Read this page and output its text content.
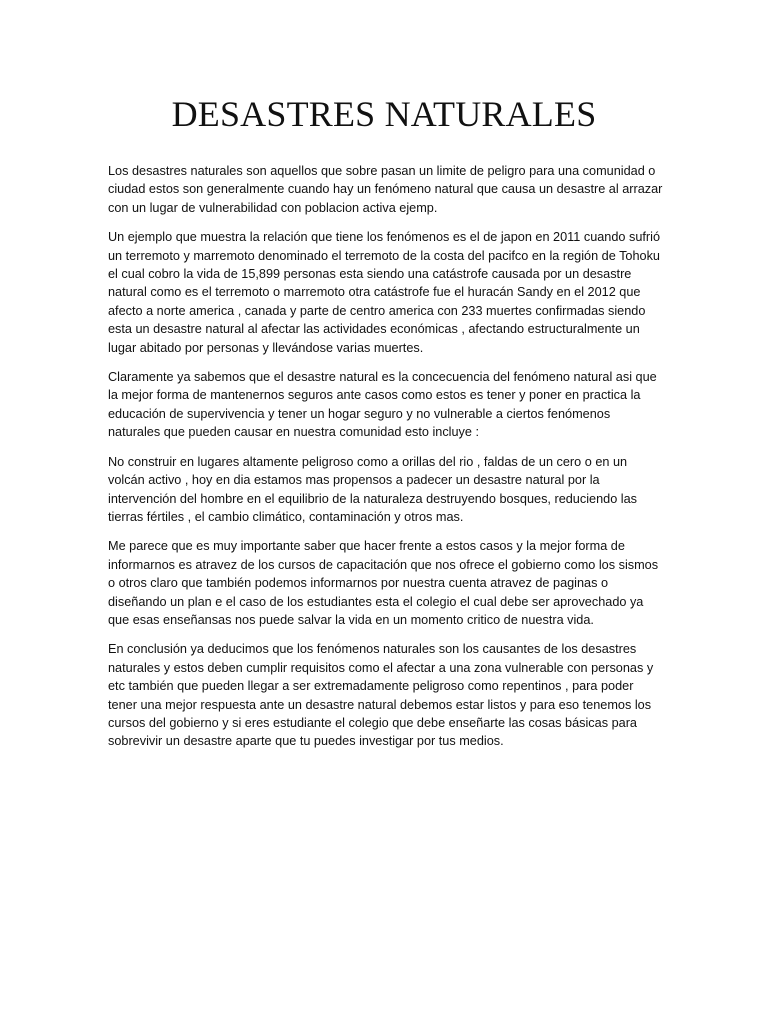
DESASTRES NATURALES

Los desastres naturales son aquellos que sobre pasan un limite de peligro para una comunidad o ciudad estos son generalmente cuando hay un fenómeno natural que causa un desastre al arrazar con un lugar de vulnerabilidad con poblacion activa ejemp.

Un ejemplo que muestra la relación que tiene los fenómenos es el de japon en 2011 cuando sufrió un terremoto y marremoto denominado el terremoto de la costa del pacifco en la región de Tohoku el cual cobro la vida de 15,899 personas esta siendo una catástrofe causada por un desastre natural como es el terremoto o marremoto otra catástrofe fue el huracán Sandy en el 2012 que afecto a norte america , canada y parte de centro america con 233 muertes confirmadas siendo esta un desastre natural al afectar las actividades económicas , afectando estructuralmente un lugar abitado por personas y llevándose varias muertes.

Claramente ya sabemos que el desastre natural es la concecuencia del fenómeno natural asi que la mejor forma de mantenernos seguros ante casos como estos es tener y poner en practica la educación de supervivencia y tener un hogar seguro y no vulnerable a ciertos fenómenos naturales que pueden causar en nuestra comunidad esto incluye :

No construir en lugares altamente peligroso como a orillas del rio , faldas de un cero o en un volcán activo , hoy en dia estamos mas propensos a padecer un desastre natural por la intervención del hombre en el equilibrio de la naturaleza destruyendo bosques, reduciendo las tierras fértiles , el cambio climático, contaminación y otros mas.

Me parece que es muy importante saber que hacer frente a estos casos y la mejor forma de informarnos es atravez de los cursos de capacitación que nos ofrece el gobierno como los sismos o otros claro que también podemos informarnos por nuestra cuenta atravez de paginas o diseñando un plan e el caso de los estudiantes esta el colegio el cual debe ser aprovechado ya que esas enseñansas nos puede salvar la vida en un momento critico de nuestra vida.

En conclusión ya deducimos que los fenómenos naturales son los causantes de los desastres naturales y estos deben cumplir requisitos como el afectar a una zona vulnerable con personas y etc también que pueden llegar a ser extremadamente peligroso como repentinos , para poder tener una mejor respuesta ante un desastre natural debemos estar listos y para eso tenemos los cursos del gobierno y si eres estudiante el colegio que debe enseñarte las cosas básicas para sobrevivir un desastre aparte que tu puedes investigar por tus medios.
